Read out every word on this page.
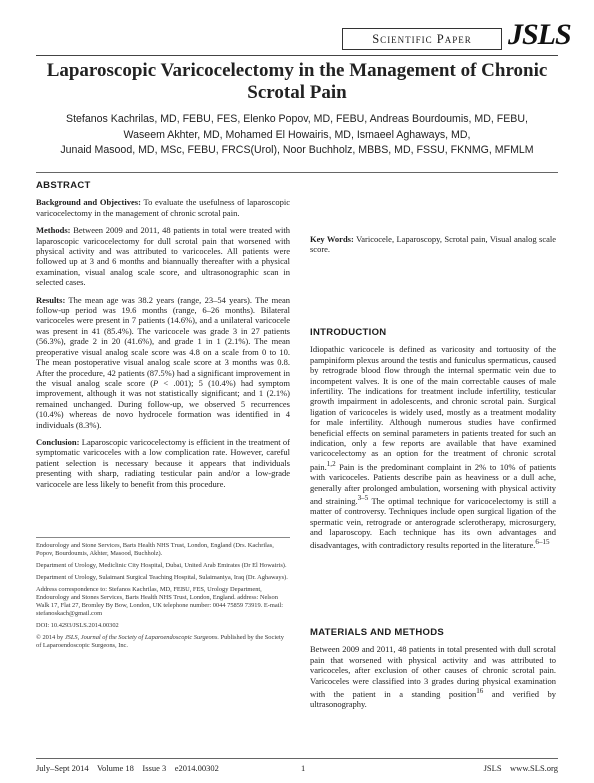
Scientific Paper	JSLS
Laparoscopic Varicocelectomy in the Management of Chronic Scrotal Pain
Stefanos Kachrilas, MD, FEBU, FES, Elenko Popov, MD, FEBU, Andreas Bourdoumis, MD, FEBU,
Waseem Akhter, MD, Mohamed El Howairis, MD, Ismaeel Aghaways, MD,
Junaid Masood, MD, MSc, FEBU, FRCS(Urol), Noor Buchholz, MBBS, MD, FSSU, FKNMG, MFMLM
ABSTRACT

Background and Objectives: To evaluate the usefulness of laparoscopic varicocelectomy in the management of chronic scrotal pain.

Methods: Between 2009 and 2011, 48 patients in total were treated with laparoscopic varicocelectomy for dull scrotal pain that worsened with physical activity and was attributed to varicoceles. All patients were followed up at 3 and 6 months and biannually thereafter with a physical examination, visual analog scale score, and ultrasonographic scan in selected cases.

Results: The mean age was 38.2 years (range, 23–54 years). The mean follow-up period was 19.6 months (range, 6–26 months). Bilateral varicoceles were present in 7 patients (14.6%), and a unilateral varicocele was present in 41 (85.4%). The varicocele was grade 3 in 27 patients (56.3%), grade 2 in 20 (41.6%), and grade 1 in 1 (2.1%). The mean preoperative visual analog scale score was 4.8 on a scale from 0 to 10. The mean postoperative visual analog scale score at 3 months was 0.8. After the procedure, 42 patients (87.5%) had a significant improvement in the visual analog scale score (P < .001); 5 (10.4%) had symptom improvement, although it was not statistically significant; and 1 (2.1%) remained unchanged. During follow-up, we observed 5 recurrences (10.4%) whereas de novo hydrocele formation was identified in 4 individuals (8.3%).

Conclusion: Laparoscopic varicocelectomy is efficient in the treatment of symptomatic varicoceles with a low complication rate. However, careful patient selection is necessary because it appears that individuals presenting with sharp, radiating testicular pain and/or a low-grade varicocele are less likely to benefit from this procedure.

Endourology and Stone Services, Barts Health NHS Trust, London, England (Drs. Kachrilas, Popov, Bourdoumis, Akhter, Masood, Buchholz).

Department of Urology, Mediclinic City Hospital, Dubai, United Arab Emirates (Dr El Howairis).

Department of Urology, Sulaimani Surgical Teaching Hospital, Sulaimaniya, Iraq (Dr. Aghaways).

Address correspondence to: Stefanos Kachrilas, MD, FEBU, FES, Urology Department, Endourology and Stones Services, Barts Health NHS Trust, London, England. address: Nelson Walk 17, Flat 27, Bromley By Bow, London, UK telephone number: 0044 75859 73919. E-mail: stefanoskach@gmail.com

DOI: 10.4293/JSLS.2014.00302

© 2014 by JSLS, Journal of the Society of Laparoendoscopic Surgeons. Published by the Society of Laparoendoscopic Surgeons, Inc.

Key Words: Varicocele, Laparoscopy, Scrotal pain, Visual analog scale score.

INTRODUCTION

Idiopathic varicocele is defined as varicosity and tortuosity of the pampiniform plexus around the testis and funiculus spermaticus, caused by retrograde blood flow through the internal spermatic vein due to incompetent valves. It is one of the main correctable causes of male infertility. The indications for treatment include infertility, testicular growth impairment in adolescents, and chronic scrotal pain. Surgical ligation of varicoceles is widely used, mostly as a treatment modality for male infertility. Although numerous studies have confirmed beneficial effects on seminal parameters in patients treated for such an indication, only a few reports are available that have examined varicocelectomy as an option for the treatment of chronic scrotal pain.$^{1,2}$ Pain is the predominant complaint in 2% to 10% of patients with varicoceles. Patients describe pain as heaviness or a dull ache, generally after prolonged ambulation, worsening with physical activity and straining.$^{3-5}$ The optimal technique for varicocelectomy is still a matter of controversy. Techniques include open surgical ligation of the spermatic vein, retrograde or anterograde sclerotherapy, microsurgery, and laparoscopy. Each technique has its own advantages and disadvantages, with contradictory results reported in the literature.$^{6-15}$

MATERIALS AND METHODS

Between 2009 and 2011, 48 patients in total presented with dull scrotal pain that worsened with physical activity and was attributed to varicoceles, after exclusion of other causes of chronic scrotal pain. Varicoceles were classified into 3 grades during physical examination with the patient in a standing position$^{16}$ and verified by ultrasonography.

July–Sept 2014    Volume 18    Issue 3    e2014.00302	1	JSLS    www.SLS.org
